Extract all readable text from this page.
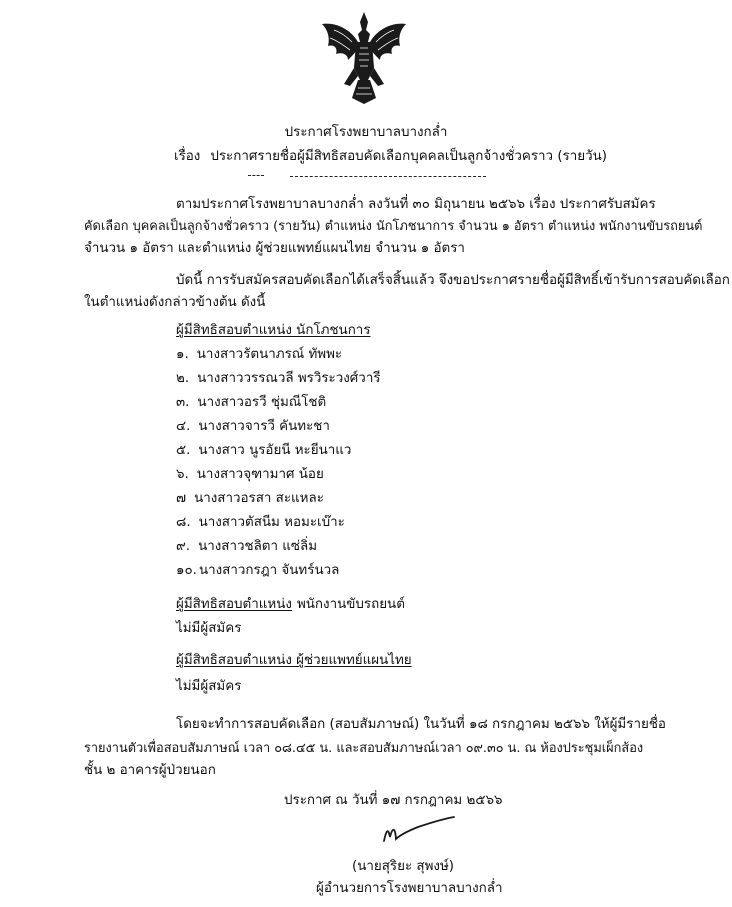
ประกาศโรงพยาบาลบางกล่ำ
เรื่อง ประกาศรายชื่อผู้มีสิทธิสอบคัดเลือกบุคคลเป็นลูกจ้างชั่วคราว (รายวัน)
ตามประกาศโรงพยาบาลบางกล่ำ ลงวันที่ ๓๐ มิถุนายน ๒๕๖๖ เรื่อง ประกาศรับสมัคร
คัดเลือก บุคคลเป็นลูกจ้างชั่วคราว (รายวัน) ตำแหน่ง นักโภชนาการ จำนวน ๑ อัตรา ตำแหน่ง พนักงานขับรถยนต์
จำนวน ๑ อัตรา และตำแหน่ง ผู้ช่วยแพทย์แผนไทย จำนวน ๑ อัตรา
บัดนี้ การรับสมัครสอบคัดเลือกได้เสร็จสิ้นแล้ว จึงขอประกาศรายชื่อผู้มีสิทธิ์เข้ารับการสอบคัดเลือก
ในตำแหน่งดังกล่าวข้างต้น ดังนี้
ผู้มีสิทธิสอบตำแหน่ง นักโภชนการ
๑. นางสาวรัตนาภรณ์ ทัพพะ
๒. นางสาววรรณวลี พรวิระวงศ์วารี
๓. นางสาวอรวี ชุ่มณีโชติ
๔. นางสาวจารวี คันทะชา
๕. นางสาว นูรอัยนี หะยีนาแว
๖. นางสาวจุฑามาศ น้อย
๗ นางสาวอรสา สะแหละ
๘. นางสาวตัสนีม หอมะเบ๊าะ
๙. นางสาวชลิตา แซ่ลิ่ม
๑๐. นางสาวกรฎา จันทร์นวล
ผู้มีสิทธิสอบตำแหน่ง พนักงานขับรถยนต์
ไม่มีผู้สมัคร
ผู้มีสิทธิสอบตำแหน่ง ผู้ช่วยแพทย์แผนไทย
ไม่มีผู้สมัคร
โดยจะทำการสอบคัดเลือก (สอบสัมภาษณ์) ในวันที่ ๑๘ กรกฎาคม ๒๕๖๖ ให้ผู้มีรายชื่อ
รายงานตัวเพื่อสอบสัมภาษณ์ เวลา ๐๘.๔๕ น. และสอบสัมภาษณ์เวลา ๐๙.๓๐ น. ณ ห้องประชุมเผ็กส้อง
ชั้น ๒ อาคารผู้ป่วยนอก
ประกาศ ณ วันที่ ๑๗ กรกฎาคม ๒๕๖๖
(นายสุริยะ สุพงษ์)
ผู้อำนวยการโรงพยาบาลบางกล่ำ
